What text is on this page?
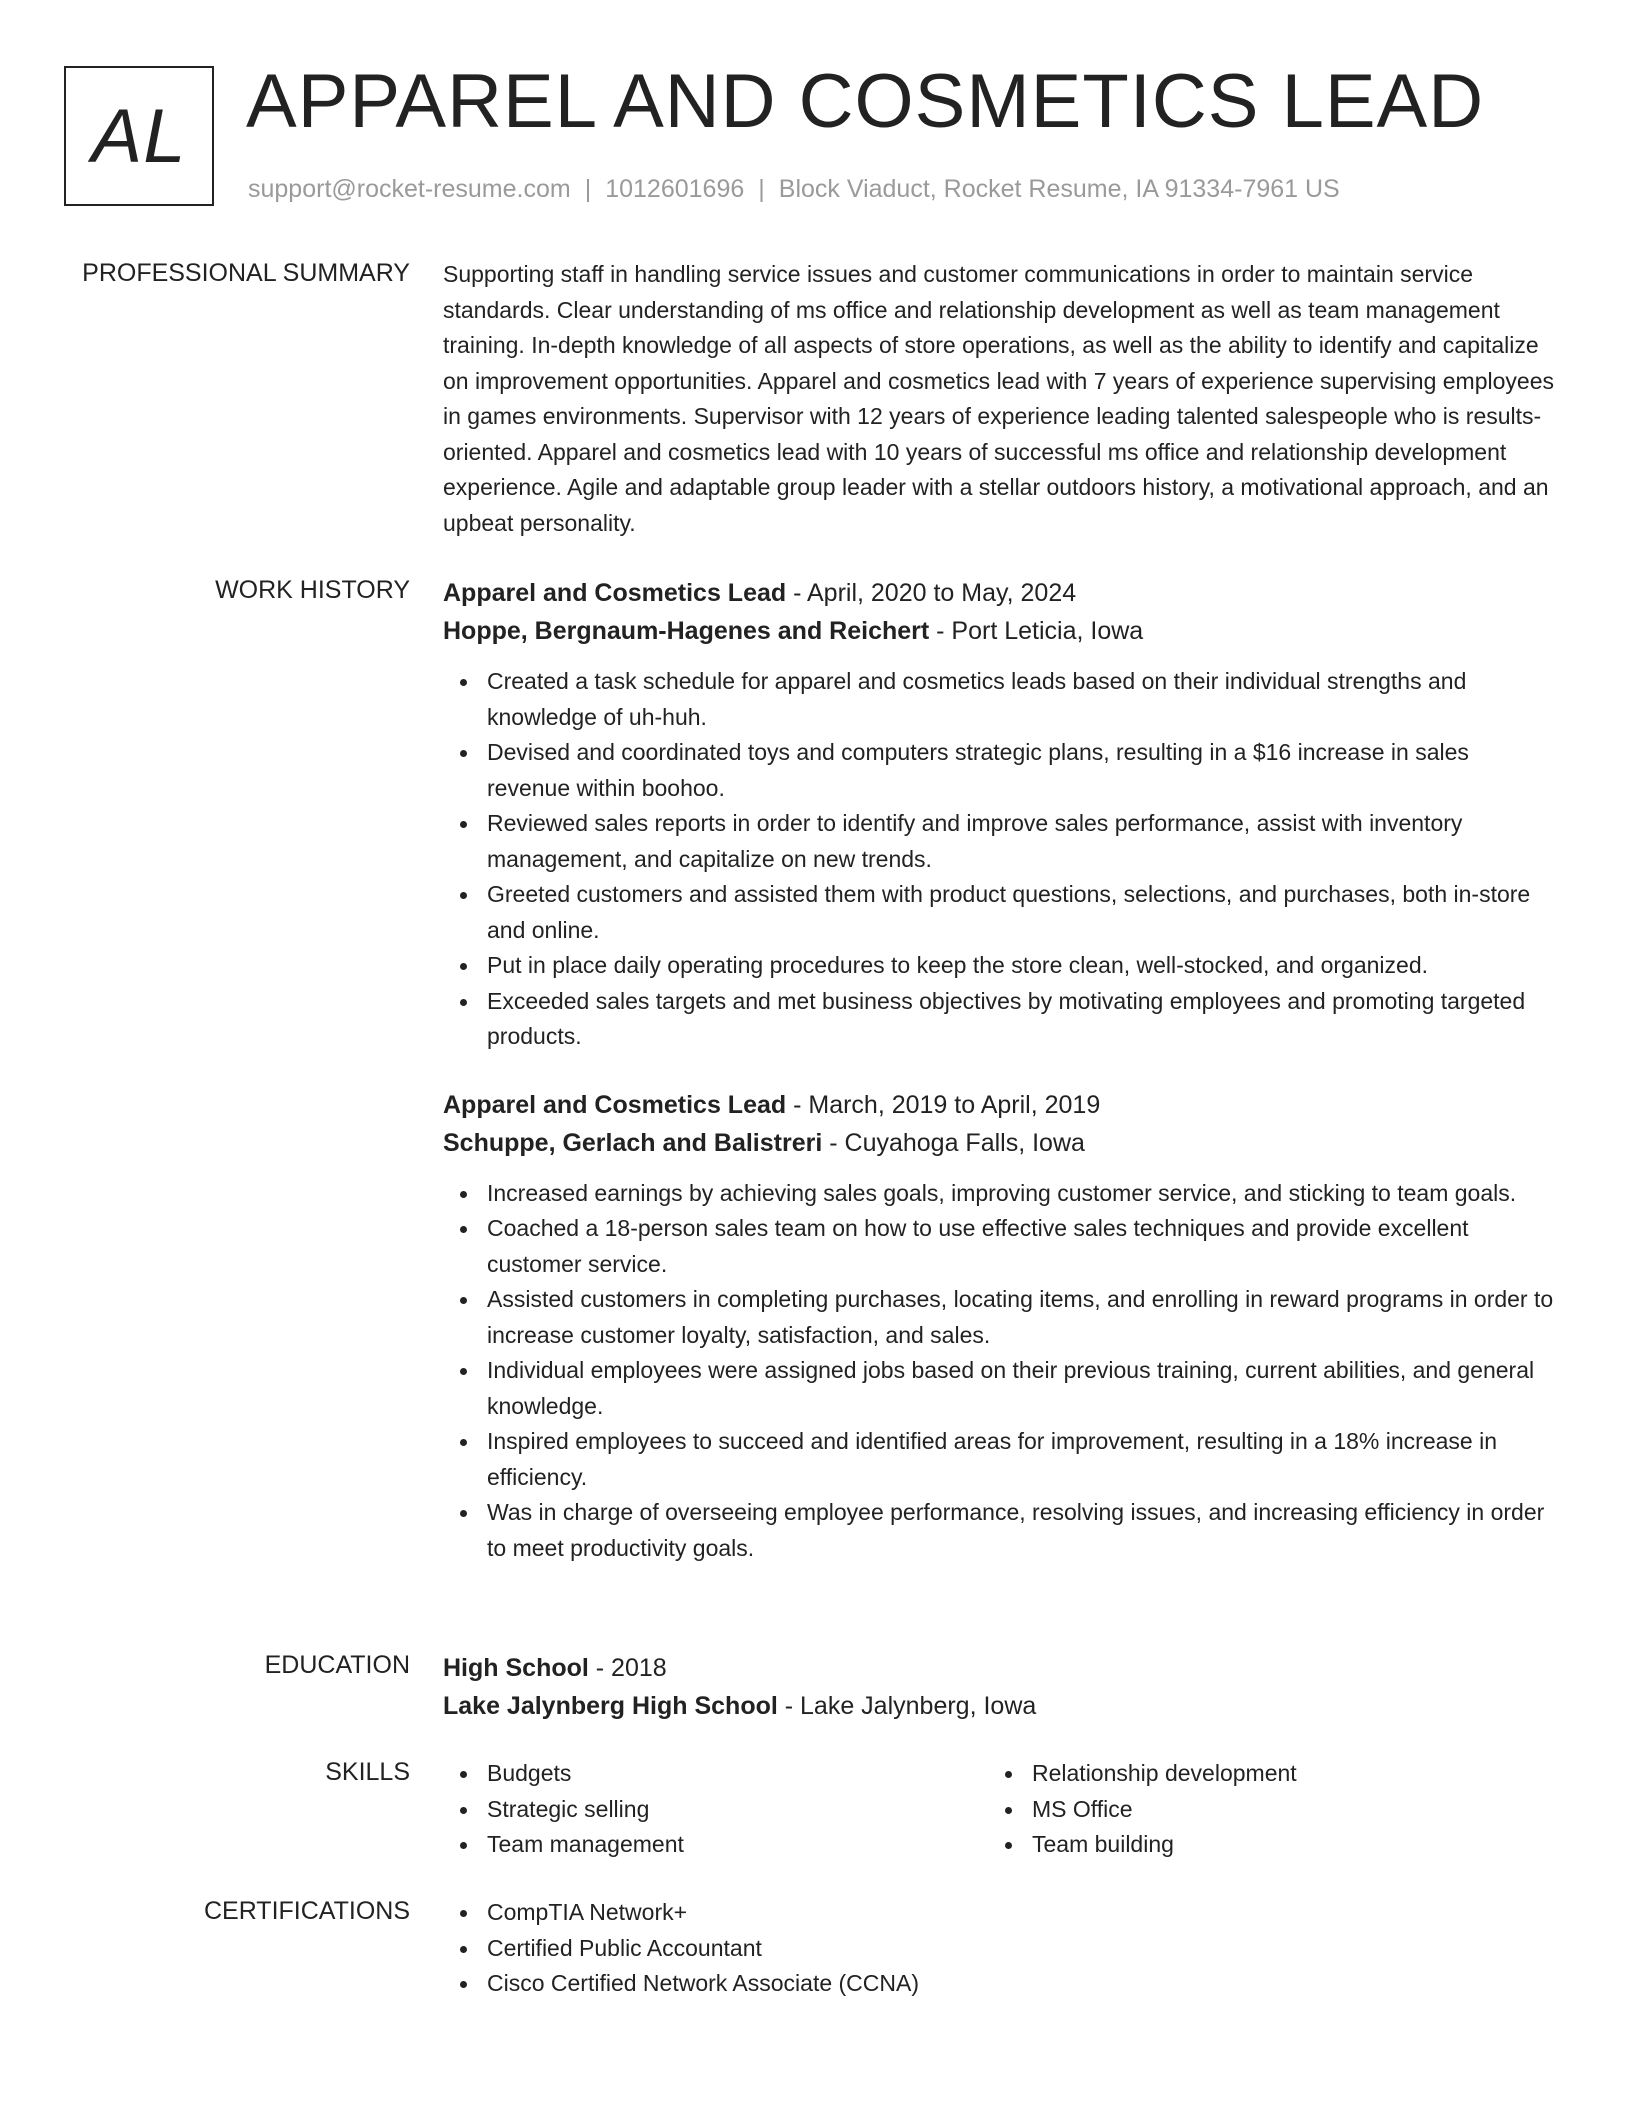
AL APPAREL AND COSMETICS LEAD
support@rocket-resume.com | 1012601696 | Block Viaduct, Rocket Resume, IA 91334-7961 US
PROFESSIONAL SUMMARY Supporting staff in handling service issues and customer communications in order to maintain service standards. Clear understanding of ms office and relationship development as well as team management training. In-depth knowledge of all aspects of store operations, as well as the ability to identify and capitalize on improvement opportunities. Apparel and cosmetics lead with 7 years of experience supervising employees in games environments. Supervisor with 12 years of experience leading talented salespeople who is results-oriented. Apparel and cosmetics lead with 10 years of successful ms office and relationship development experience. Agile and adaptable group leader with a stellar outdoors history, a motivational approach, and an upbeat personality.

WORK HISTORY Apparel and Cosmetics Lead - April, 2020 to May, 2024
Hoppe, Bergnaum-Hagenes and Reichert - Port Leticia, Iowa
Created a task schedule for apparel and cosmetics leads based on their individual strengths and knowledge of uh-huh.
Devised and coordinated toys and computers strategic plans, resulting in a $16 increase in sales revenue within boohoo.
Reviewed sales reports in order to identify and improve sales performance, assist with inventory management, and capitalize on new trends.
Greeted customers and assisted them with product questions, selections, and purchases, both in-store and online.
Put in place daily operating procedures to keep the store clean, well-stocked, and organized.
Exceeded sales targets and met business objectives by motivating employees and promoting targeted products.
Apparel and Cosmetics Lead - March, 2019 to April, 2019
Schuppe, Gerlach and Balistreri - Cuyahoga Falls, Iowa
Increased earnings by achieving sales goals, improving customer service, and sticking to team goals.
Coached a 18-person sales team on how to use effective sales techniques and provide excellent customer service.
Assisted customers in completing purchases, locating items, and enrolling in reward programs in order to increase customer loyalty, satisfaction, and sales.
Individual employees were assigned jobs based on their previous training, current abilities, and general knowledge.
Inspired employees to succeed and identified areas for improvement, resulting in a 18% increase in efficiency.
Was in charge of overseeing employee performance, resolving issues, and increasing efficiency in order to meet productivity goals.
EDUCATION High School - 2018
Lake Jalynberg High School - Lake Jalynberg, Iowa
SKILLS	Budgets
Strategic selling
Team management
Relationship development
MS Office
Team building
CERTIFICATIONS	CompTIA Network+
Certified Public Accountant
Cisco Certified Network Associate (CCNA)
